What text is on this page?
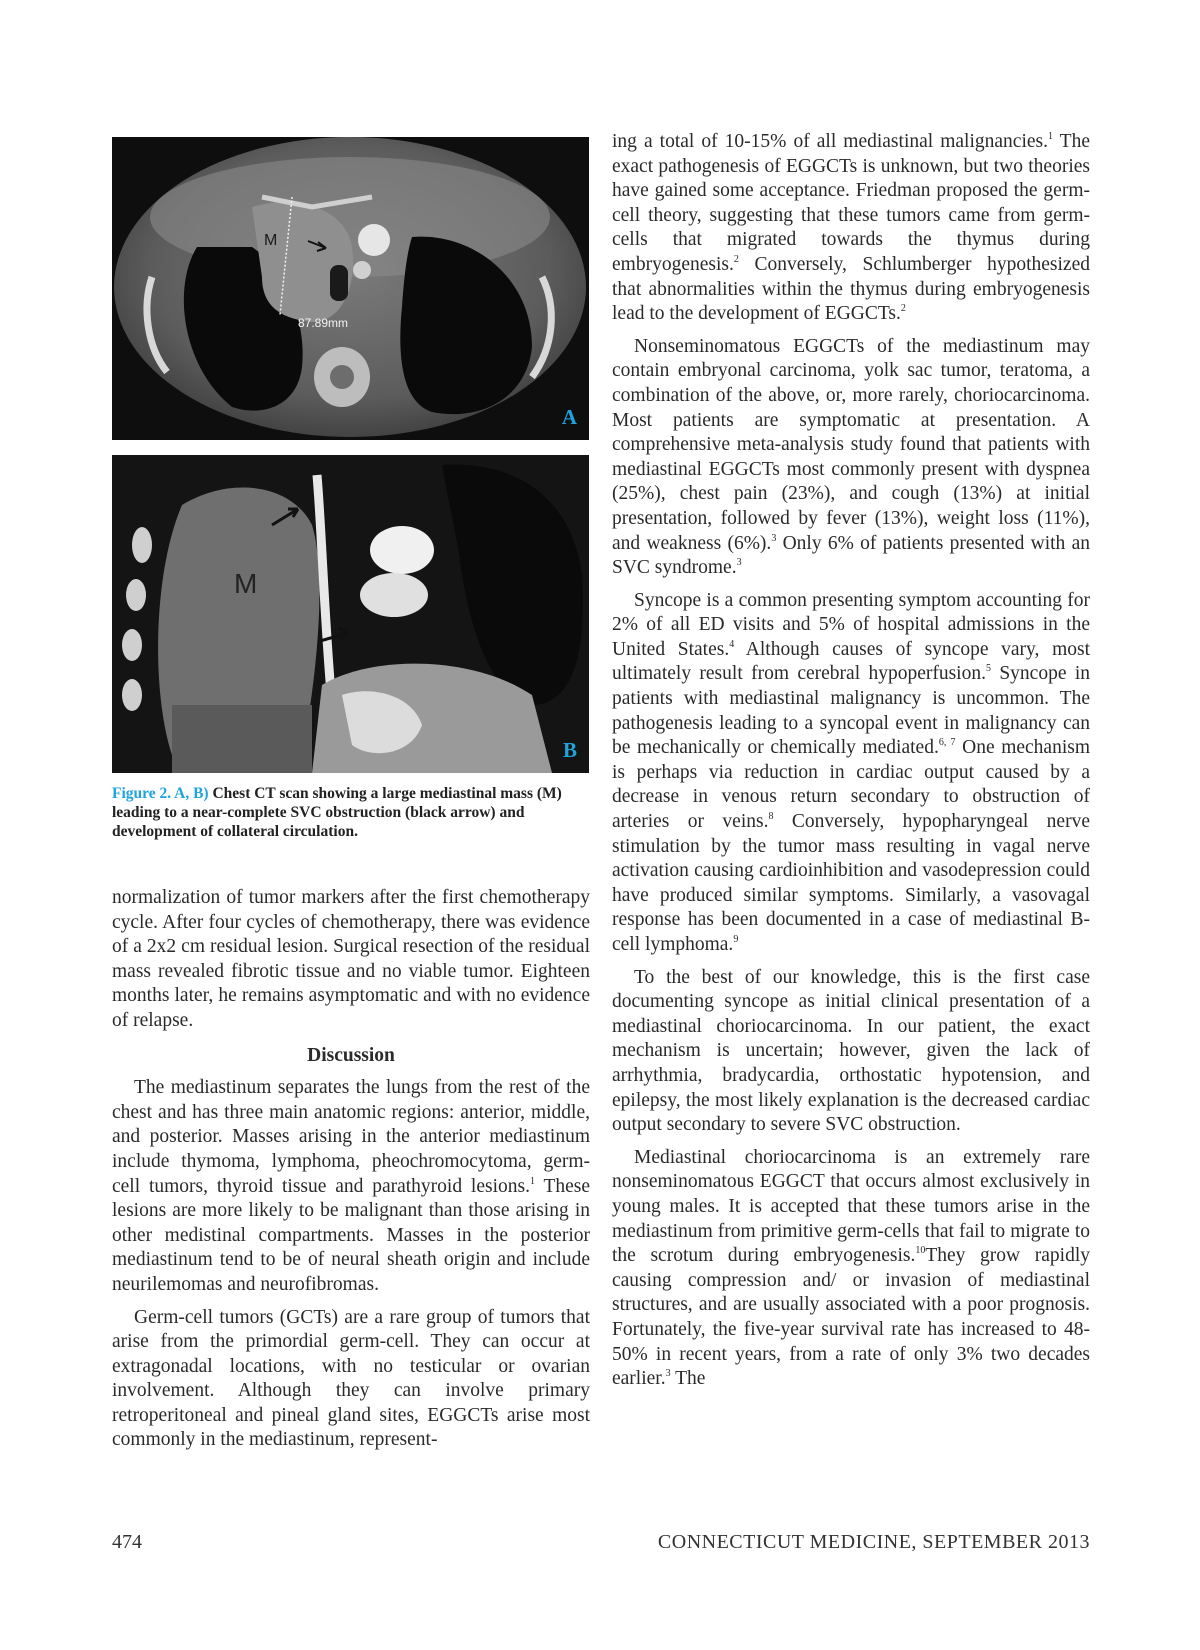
87.89mm
M
A
M
B
Figure 2. A, B) Chest CT scan showing a large mediastinal mass (M) leading to a near-complete SVC obstruction (black arrow) and development of collateral circulation.

normalization of tumor markers after the first chemotherapy cycle. After four cycles of chemotherapy, there was evidence of a 2x2 cm residual lesion. Surgical resection of the residual mass revealed fibrotic tissue and no viable tumor. Eighteen months later, he remains asymptomatic and with no evidence of relapse.

Discussion

The mediastinum separates the lungs from the rest of the chest and has three main anatomic regions: anterior, middle, and posterior. Masses arising in the anterior mediastinum include thymoma, lymphoma, pheochromocytoma, germ-cell tumors, thyroid tissue and parathyroid lesions.$^1$ These lesions are more likely to be malignant than those arising in other medistinal compartments. Masses in the posterior mediastinum tend to be of neural sheath origin and include neurilemomas and neurofibromas.

Germ-cell tumors (GCTs) are a rare group of tumors that arise from the primordial germ-cell. They can occur at extragonadal locations, with no testicular or ovarian involvement. Although they can involve primary retroperitoneal and pineal gland sites, EGGCTs arise most commonly in the mediastinum, represent-

ing a total of 10-15% of all mediastinal malignancies.$^1$ The exact pathogenesis of EGGCTs is unknown, but two theories have gained some acceptance. Friedman proposed the germ-cell theory, suggesting that these tumors came from germ-cells that migrated towards the thymus during embryogenesis.$^2$ Conversely, Schlumberger hypothesized that abnormalities within the thymus during embryogenesis lead to the development of EGGCTs.$^2$

Nonseminomatous EGGCTs of the mediastinum may contain embryonal carcinoma, yolk sac tumor, teratoma, a combination of the above, or, more rarely, choriocarcinoma. Most patients are symptomatic at presentation. A comprehensive meta-analysis study found that patients with mediastinal EGGCTs most commonly present with dyspnea (25%), chest pain (23%), and cough (13%) at initial presentation, followed by fever (13%), weight loss (11%), and weakness (6%).$^3$ Only 6% of patients presented with an SVC syndrome.$^3$

Syncope is a common presenting symptom accounting for 2% of all ED visits and 5% of hospital admissions in the United States.$^4$ Although causes of syncope vary, most ultimately result from cerebral hypoperfusion.$^5$ Syncope in patients with mediastinal malignancy is uncommon. The pathogenesis leading to a syncopal event in malignancy can be mechanically or chemically mediated.$^{6, 7}$ One mechanism is perhaps via reduction in cardiac output caused by a decrease in venous return secondary to obstruction of arteries or veins.$^8$ Conversely, hypopharyngeal nerve stimulation by the tumor mass resulting in vagal nerve activation causing cardioinhibition and vasodepression could have produced similar symptoms. Similarly, a vasovagal response has been documented in a case of mediastinal B-cell lymphoma.$^9$

To the best of our knowledge, this is the first case documenting syncope as initial clinical presentation of a mediastinal choriocarcinoma. In our patient, the exact mechanism is uncertain; however, given the lack of arrhythmia, bradycardia, orthostatic hypotension, and epilepsy, the most likely explanation is the decreased cardiac output secondary to severe SVC obstruction.

Mediastinal choriocarcinoma is an extremely rare nonseminomatous EGGCT that occurs almost exclusively in young males. It is accepted that these tumors arise in the mediastinum from primitive germ-cells that fail to migrate to the scrotum during embryogenesis.$^{10}$They grow rapidly causing compression and/ or invasion of mediastinal structures, and are usually associated with a poor prognosis. Fortunately, the five-year survival rate has increased to 48-50% in recent years, from a rate of only 3% two decades earlier.$^3$ The

474	CONNECTICUT MEDICINE, SEPTEMBER 2013
